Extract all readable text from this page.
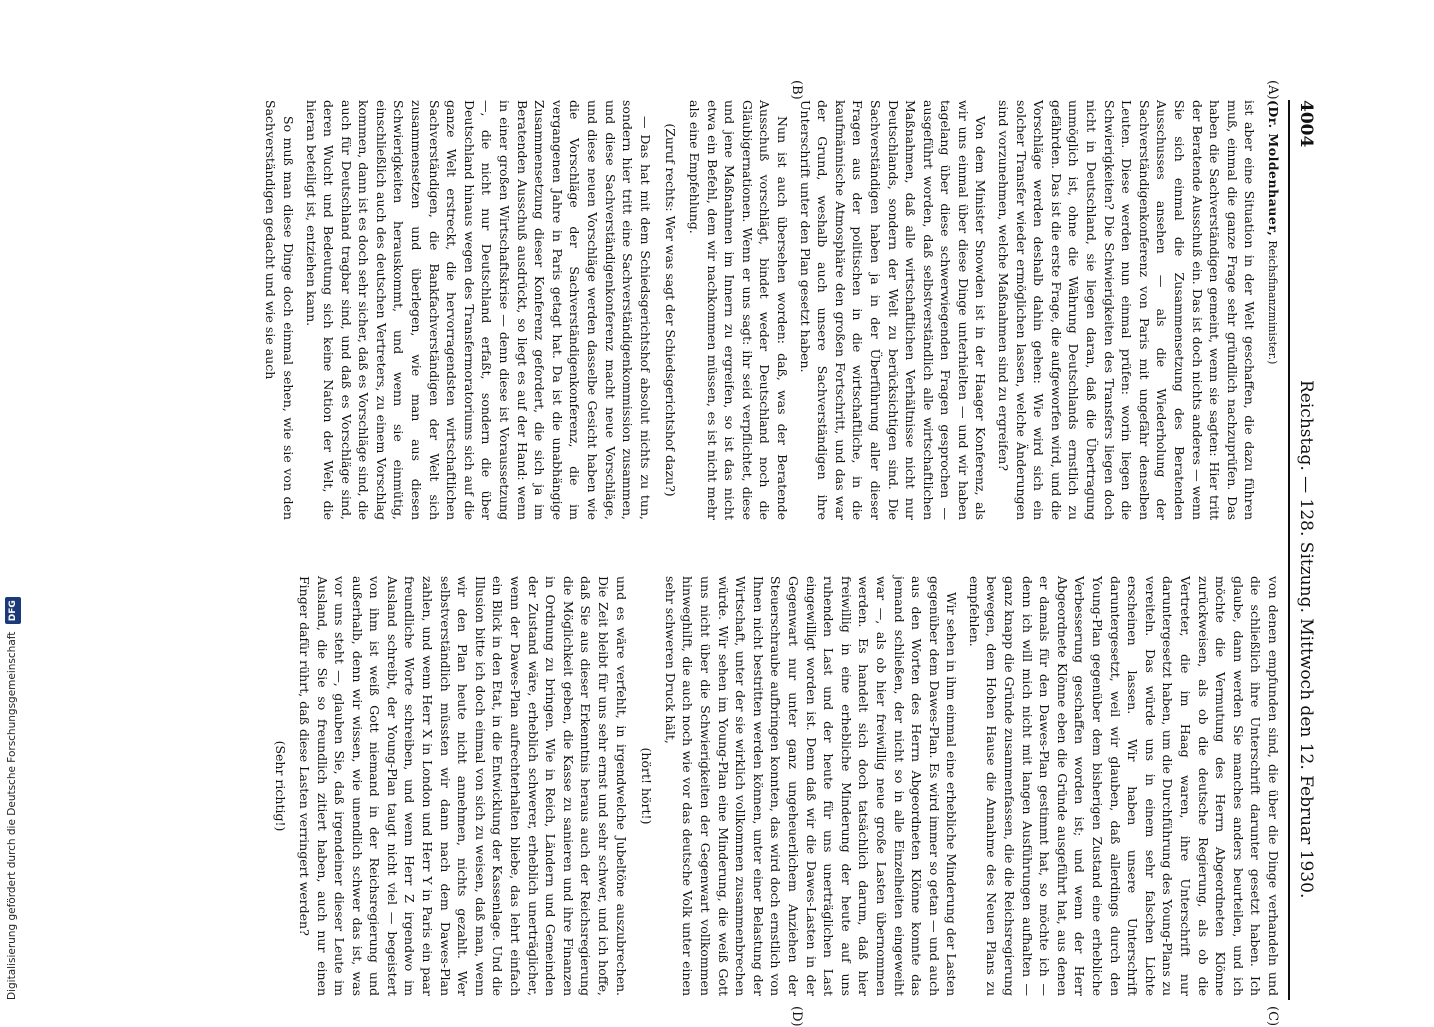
4004
Reichstag. — 128. Sitzung. Mittwoch den 12. Februar 1930.
(A)
(B)
(C)
(D)

(Dr. Moldenhauer, Reichsfinanzminister.)

ist aber eine Situation in der Welt geschaffen, die dazu führen muß, einmal die ganze Frage sehr gründlich nachzuprüfen. Das haben die Sachverständigen gemeint, wenn sie sagten: Hier tritt der Beratende Ausschuß ein. Das ist doch nichts anderes — wenn Sie sich einmal die Zusammensetzung des Beratenden Ausschusses ansehen — als die Wiederholung der Sachverständigenkonferenz von Paris mit ungefähr denselben Leuten. Diese werden nun einmal prüfen: worin liegen die Schwierigkeiten? Die Schwierigkeiten des Transfers liegen doch nicht in Deutschland, sie liegen daran, daß die Übertragung unmöglich ist, ohne die Währung Deutschlands ernstlich zu gefährden. Das ist die erste Frage, die aufgeworfen wird, und die Vorschläge werden deshalb dahin gehen: Wie wird sich ein solcher Transfer wieder ermöglichen lassen, welche Änderungen sind vorzunehmen, welche Maßnahmen sind zu ergreifen?

Von dem Minister Snowden ist in der Haager Konferenz, als wir uns einmal über diese Dinge unterhielten — und wir haben tagelang über diese schwerwiegenden Fragen gesprochen — ausgeführt worden, daß selbstverständlich alle wirtschaftlichen Maßnahmen, daß alle wirtschaftlichen Verhältnisse nicht nur Deutschlands, sondern der Welt zu berücksichtigen sind. Die Sachverständigen haben ja in der Überführung aller dieser Fragen aus der politischen in die wirtschaftliche, in die kaufmännische Atmosphäre den großen Fortschritt, und das war der Grund, weshalb auch unsere Sachverständigen ihre Unterschrift unter den Plan gesetzt haben.

Nun ist auch übersehen worden: daß, was der Beratende Ausschuß vorschlägt, bindet weder Deutschland noch die Gläubigernationen. Wenn er uns sagt: ihr seid verpflichtet, diese und jene Maßnahmen im Innern zu ergreifen, so ist das nicht etwa ein Befehl, dem wir nachkommen müssen, es ist nicht mehr als eine Empfehlung.

(Zuruf rechts: Wer was sagt der Schiedsgerichtshof dazu?)

— Das hat mit dem Schiedsgerichtshof absolut nichts zu tun, sondern hier tritt eine Sachverständigenkommission zusammen, und diese Sachverständigenkonferenz macht neue Vorschläge, und diese neuen Vorschläge werden dasselbe Gesicht haben wie die Vorschläge der Sachverständigenkonferenz, die im vergangenen Jahre in Paris getagt hat. Da ist die unabhängige Zusammensetzung dieser Konferenz gefordert, die sich ja im Beratenden Ausschuß ausdrückt, so liegt es auf der Hand: wenn in einer großen Wirtschaftskrise — denn diese ist Voraussetzung —, die nicht nur Deutschland erfaßt, sondern die über Deutschland hinaus wegen des Transfermoratoriums sich auf die ganze Welt erstreckt, die hervorragendsten wirtschaftlichen Sachverständigen, die Bankfachverständigen der Welt sich zusammensetzen und überlegen, wie man aus diesen Schwierigkeiten herauskommt, und wenn sie einmütig, einschließlich auch des deutschen Vertreters, zu einem Vorschlag kommen, dann ist es doch sehr sicher, daß es Vorschläge sind, die auch für Deutschland tragbar sind, und daß es Vorschläge sind, deren Wucht und Bedeutung sich keine Nation der Welt, die hieran beteiligt ist, entziehen kann.

So muß man diese Dinge doch einmal sehen, wie sie von den Sachverständigen gedacht und wie sie auch

von denen empfunden sind, die über die Dinge verhandeln und die schließlich ihre Unterschrift darunter gesetzt haben. Ich glaube, dann werden Sie manches anders beurteilen, und ich möchte die Vermutung des Herrn Abgeordneten Klönne zurückweisen, als ob die deutsche Regierung, als ob die Vertreter, die im Haag waren, ihre Unterschrift nur daruntergesetzt haben, um die Durchführung des Young-Plans zu vereiteln. Das würde uns in einem sehr falschen Lichte erscheinen lassen. Wir haben unsere Unterschrift daruntergesetzt, weil wir glauben, daß allerdings durch den Young-Plan gegenüber dem bisherigen Zustand eine erhebliche Verbesserung geschaffen worden ist; und wenn der Herr Abgeordnete Klönne eben die Gründe ausgeführt hat, aus denen er damals für den Dawes-Plan gestimmt hat, so möchte ich — denn ich will mich nicht mit langen Ausführungen aufhalten — ganz knapp die Gründe zusammenfassen, die die Reichsregierung bewegen, dem Hohen Hause die Annahme des Neuen Plans zu empfehlen.

Wir sehen in ihm einmal eine erhebliche Minderung der Lasten gegenüber dem Dawes-Plan. Es wird immer so getan — und auch aus den Worten des Herrn Abgeordneten Klönne konnte das jemand schließen, der nicht so in alle Einzelheiten eingeweiht war —, als ob hier freiwillig neue große Lasten übernommen werden. Es handelt sich doch tatsächlich darum, daß hier freiwillig in eine erhebliche Minderung der heute auf uns ruhenden Last und der heute für uns unerträglichen Last eingewilligt worden ist. Denn daß wir die Dawes-Lasten in der Gegenwart nur unter ganz ungeheuerlichem Anziehen der Steuerschraube aufbringen konnten, das wird doch ernstlich von Ihnen nicht bestritten werden können, unter einer Belastung der Wirtschaft, unter der sie wirklich vollkommen zusammenbrechen würde. Wir sehen im Young-Plan eine Minderung, die weiß Gott uns nicht über die Schwierigkeiten der Gegenwart vollkommen hinweghilft, die auch noch wie vor das deutsche Volk unter einen sehr schweren Druck hält,

(hört! hört!)

und es wäre verfehlt, in irgendwelche Jubeltöne auszubrechen. Die Zeit bleibt für uns sehr ernst und sehr schwer, und ich hoffe, daß Sie aus dieser Erkenntnis heraus auch der Reichsregierung die Möglichkeit geben, die Kasse zu sanieren und ihre Finanzen in Ordnung zu bringen. Wie in Reich, Ländern und Gemeinden der Zustand wäre, erheblich schwerer, erheblich unerträglicher, wenn der Dawes-Plan aufrechterhalten bliebe, das lehrt einfach ein Blick in den Etat, in die Entwicklung der Kassenlage. Und die Illusion bitte ich doch einmal von sich zu weisen, daß man, wenn wir den Plan heute nicht annehmen, nichts gezahlt. Wer selbstverständlich müssten wir dann nach dem Dawes-Plan zahlen, und wenn Herr X in London und Herr Y in Paris ein paar freundliche Worte schreiben, und wenn Herr Z irgendwo im Ausland schreibt, der Young-Plan taugt nicht viel — begeistert von ihm ist weiß Gott niemand in der Reichsregierung und außerhalb, denn wir wissen, wie unendlich schwer das ist, was vor uns steht —, glauben Sie, daß irgendeiner dieser Leute im Ausland, die Sie so freundlich zitiert haben, auch nur einen Finger dafür rührt, daß diese Lasten verringert werden?

(Sehr richtig!)

Digitalisierung gefördert durch die Deutsche Forschungsgemeinschaft DFG
